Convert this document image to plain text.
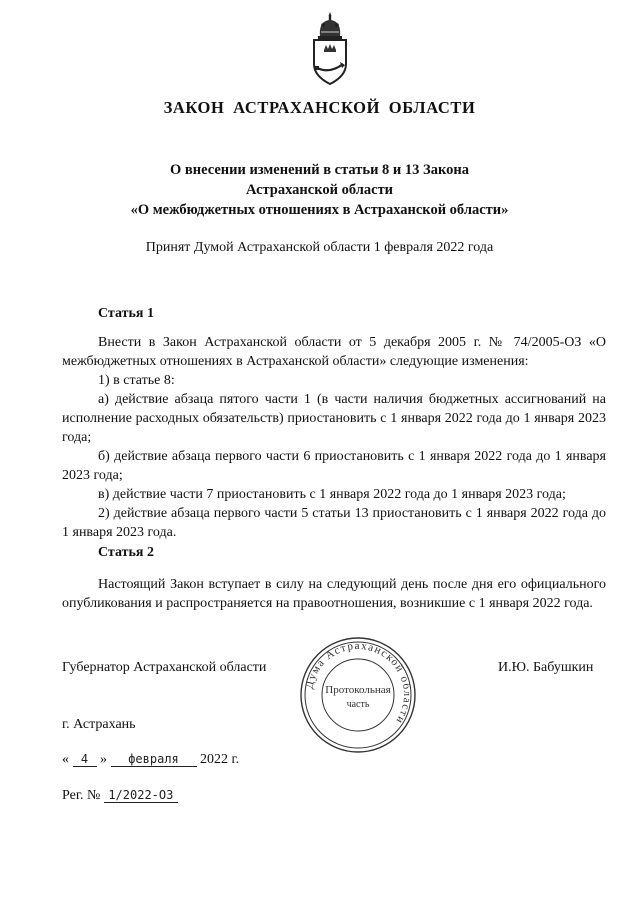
ЗАКОН АСТРАХАНСКОЙ ОБЛАСТИ
О внесении изменений в статьи 8 и 13 Закона
Астраханской области
«О межбюджетных отношениях в Астраханской области»
Принят Думой Астраханской области 1 февраля 2022 года
Статья 1
Внести в Закон Астраханской области от 5 декабря 2005 г. № 74/2005-ОЗ «О межбюджетных отношениях в Астраханской области» следующие изменения:
1) в статье 8:
а) действие абзаца пятого части 1 (в части наличия бюджетных ассигнований на исполнение расходных обязательств) приостановить с 1 января 2022 года до 1 января 2023 года;
б) действие абзаца первого части 6 приостановить с 1 января 2022 года до 1 января 2023 года;
в) действие части 7 приостановить с 1 января 2022 года до 1 января 2023 года;
2) действие абзаца первого части 5 статьи 13 приостановить с 1 января 2022 года до 1 января 2023 года.
Статья 2
Настоящий Закон вступает в силу на следующий день после дня его официального опубликования и распространяется на правоотношения, возникшие с 1 января 2022 года.
Губернатор Астраханской области	И.Ю. Бабушкин
Дума Астраханской области
Протокольная
часть
г. Астрахань
« 4 » февраля 2022 г.
Рег. № 1/2022-ОЗ
